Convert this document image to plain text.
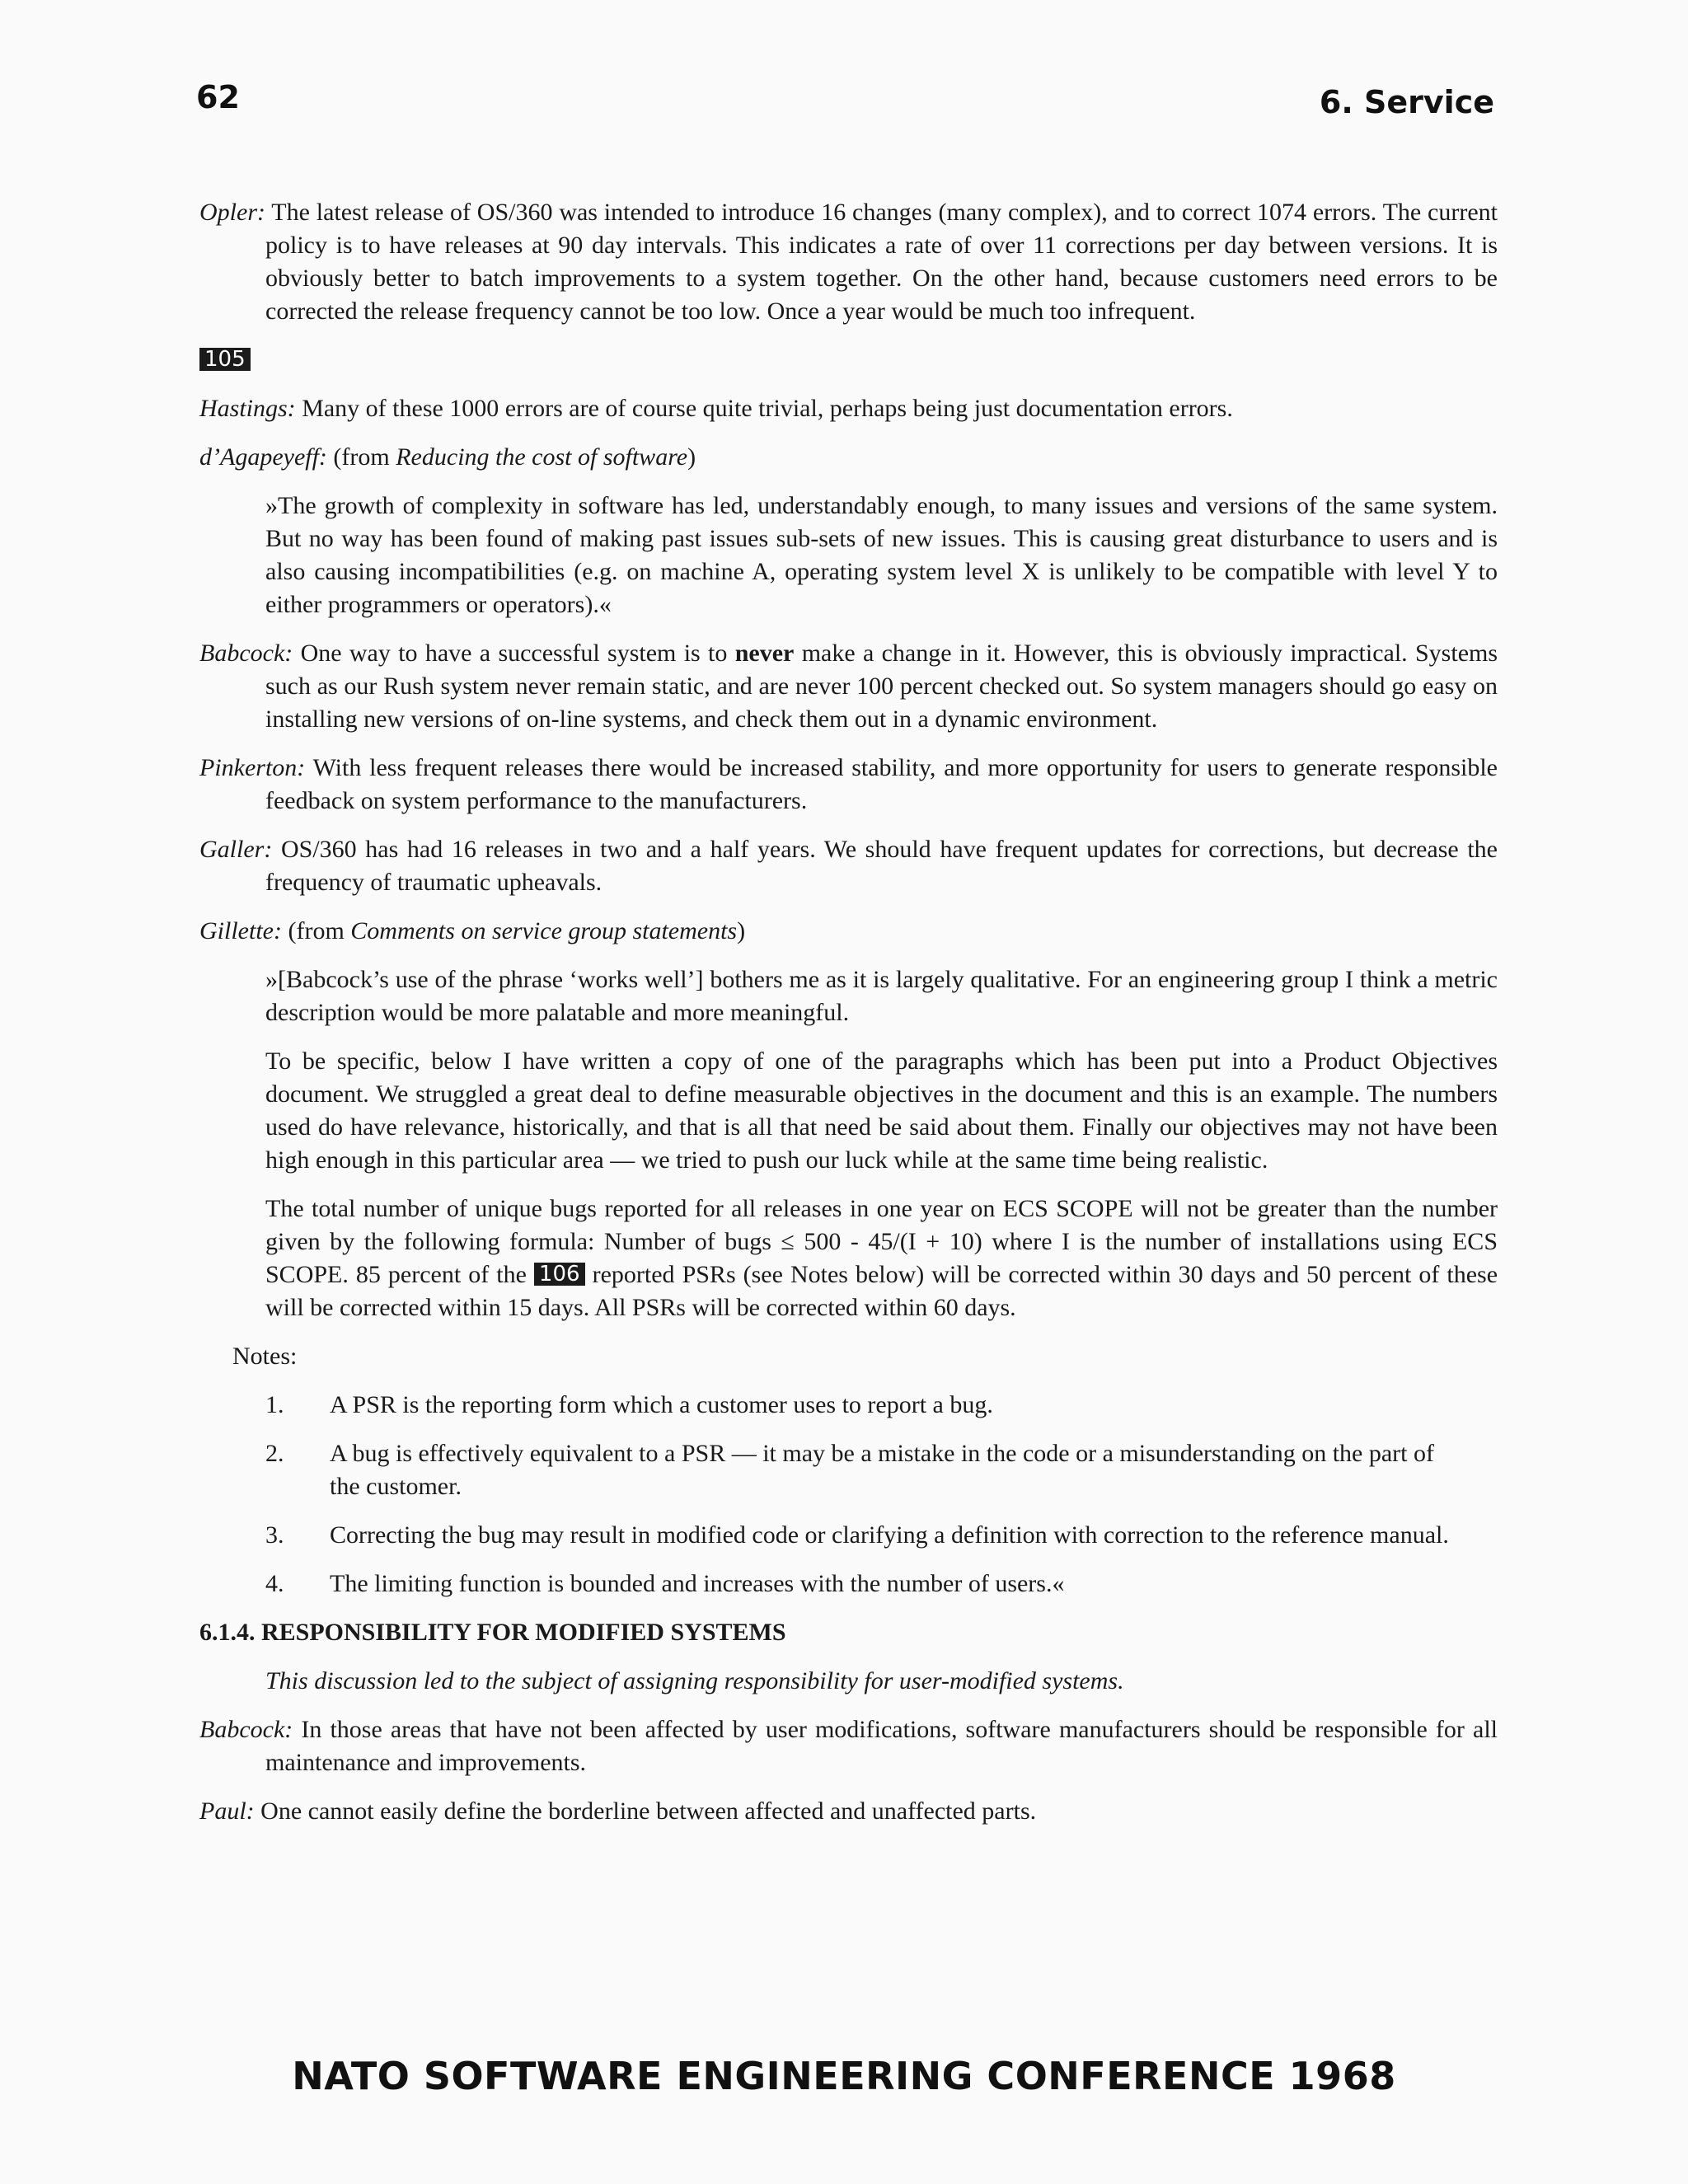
62	6. Service

Opler: The latest release of OS/360 was intended to introduce 16 changes (many complex), and to correct 1074 errors. The current policy is to have releases at 90 day intervals. This indicates a rate of over 11 corrections per day between versions. It is obviously better to batch improvements to a system together. On the other hand, because customers need errors to be corrected the release frequency cannot be too low. Once a year would be much too infrequent.

105

Hastings: Many of these 1000 errors are of course quite trivial, perhaps being just documentation errors.

d’Agapeyeff: (from Reducing the cost of software)

»The growth of complexity in software has led, understandably enough, to many issues and versions of the same system. But no way has been found of making past issues sub-sets of new issues. This is causing great disturbance to users and is also causing incompatibilities (e.g. on machine A, operating system level X is unlikely to be compatible with level Y to either programmers or operators).«

Babcock: One way to have a successful system is to never make a change in it. However, this is obviously impractical. Systems such as our Rush system never remain static, and are never 100 percent checked out. So system managers should go easy on installing new versions of on-line systems, and check them out in a dynamic environment.

Pinkerton: With less frequent releases there would be increased stability, and more opportunity for users to generate responsible feedback on system performance to the manufacturers.

Galler: OS/360 has had 16 releases in two and a half years. We should have frequent updates for corrections, but decrease the frequency of traumatic upheavals.

Gillette: (from Comments on service group statements)

»[Babcock’s use of the phrase ‘works well’] bothers me as it is largely qualitative. For an engineering group I think a metric description would be more palatable and more meaningful.

To be specific, below I have written a copy of one of the paragraphs which has been put into a Product Objectives document. We struggled a great deal to define measurable objectives in the document and this is an example. The numbers used do have relevance, historically, and that is all that need be said about them. Finally our objectives may not have been high enough in this particular area — we tried to push our luck while at the same time being realistic.

The total number of unique bugs reported for all releases in one year on ECS SCOPE will not be greater than the number given by the following formula: Number of bugs ≤ 500 - 45/(I + 10) where I is the number of installations using ECS SCOPE. 85 percent of the 106 reported PSRs (see Notes below) will be corrected within 30 days and 50 percent of these will be corrected within 15 days. All PSRs will be corrected within 60 days.

Notes:

1.	A PSR is the reporting form which a customer uses to report a bug.
2.	A bug is effectively equivalent to a PSR — it may be a mistake in the code or a misunderstanding on the part of the customer.
3.	Correcting the bug may result in modified code or clarifying a definition with correction to the reference manual.
4.	The limiting function is bounded and increases with the number of users.«

6.1.4. RESPONSIBILITY FOR MODIFIED SYSTEMS

This discussion led to the subject of assigning responsibility for user-modified systems.

Babcock: In those areas that have not been affected by user modifications, software manufacturers should be responsible for all maintenance and improvements.

Paul: One cannot easily define the borderline between affected and unaffected parts.

NATO SOFTWARE ENGINEERING CONFERENCE 1968
